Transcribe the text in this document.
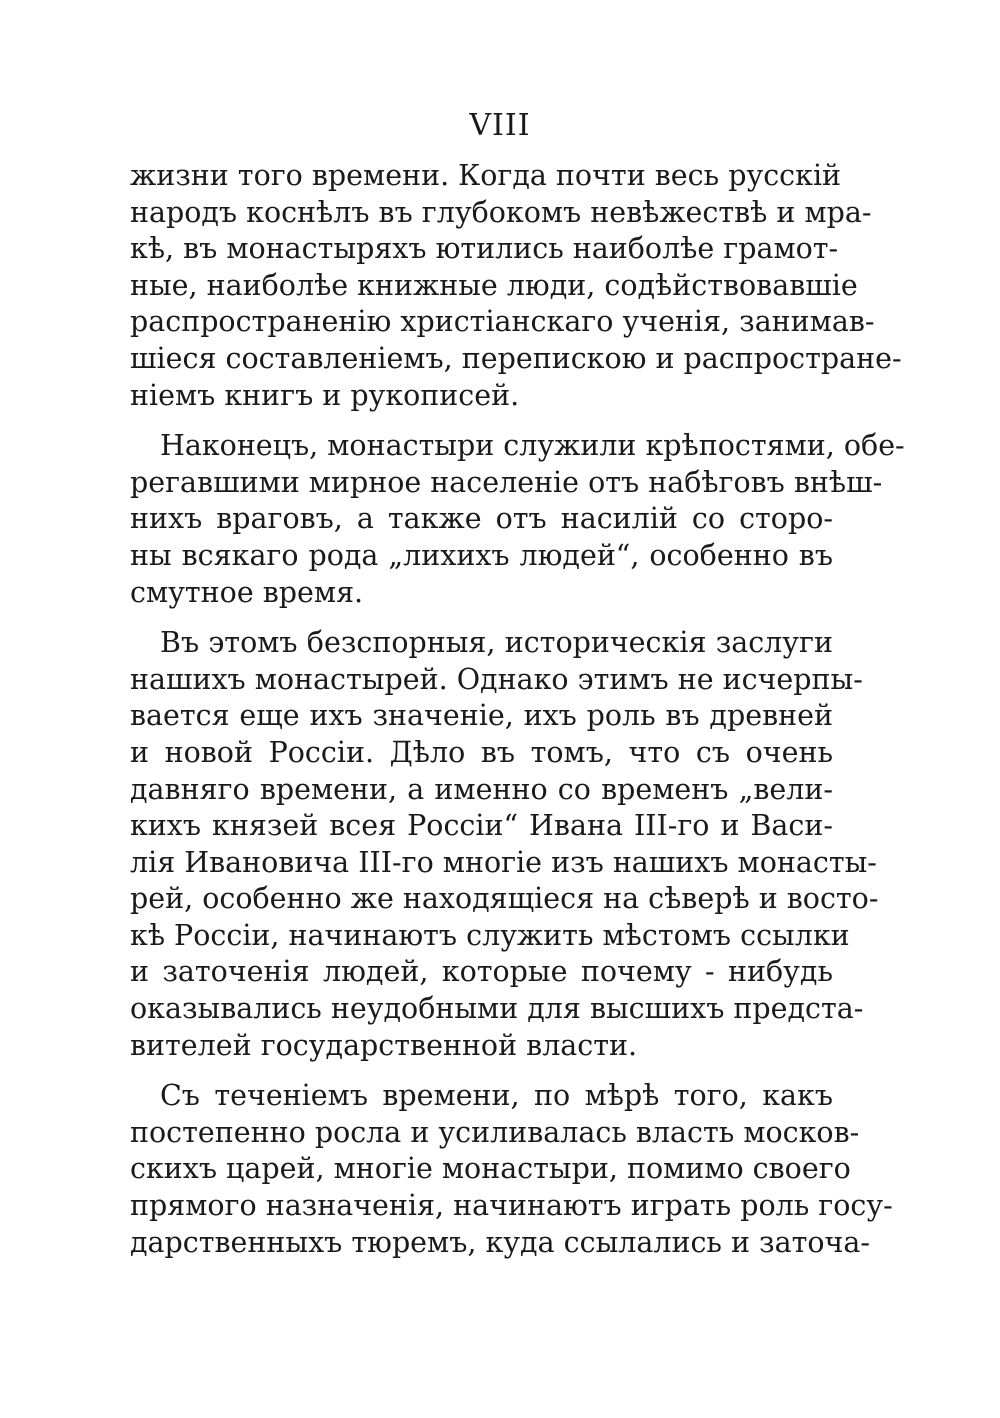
VIII
жизни того времени. Когда почти весь русскій
народъ коснѣлъ въ глубокомъ невѣжествѣ и мра-
кѣ, въ монастыряхъ ютились наиболѣе грамот-
ные, наиболѣе книжные люди, содѣйствовавшіе
распространенію христіанскаго ученія, занимав-
шіеся составленіемъ, перепискою и распростране-
ніемъ книгъ и рукописей.
Наконецъ, монастыри служили крѣпостями, обе-
регавшими мирное населеніе отъ набѣговъ внѣш-
нихъ враговъ, а также отъ насилій со сторо-
ны всякаго рода „лихихъ людей“, особенно въ
смутное время.
Въ этомъ безспорныя, историческія заслуги
нашихъ монастырей. Однако этимъ не исчерпы-
вается еще ихъ значеніе, ихъ роль въ древней
и новой Россіи. Дѣло въ томъ, что съ очень
давняго времени, а именно со временъ „вели-
кихъ князей всея Россіи“ Ивана III-го и Васи-
лія Ивановича III-го многіе изъ нашихъ монасты-
рей, особенно же находящіеся на сѣверѣ и восто-
кѣ Россіи, начинаютъ служить мѣстомъ ссылки
и заточенія людей, которые почему - нибудь
оказывались неудобными для высшихъ предста-
вителей государственной власти.
Съ теченіемъ времени, по мѣрѣ того, какъ
постепенно росла и усиливалась власть москов-
скихъ царей, многіе монастыри, помимо своего
прямого назначенія, начинаютъ играть роль госу-
дарственныхъ тюремъ, куда ссылались и заточа-
